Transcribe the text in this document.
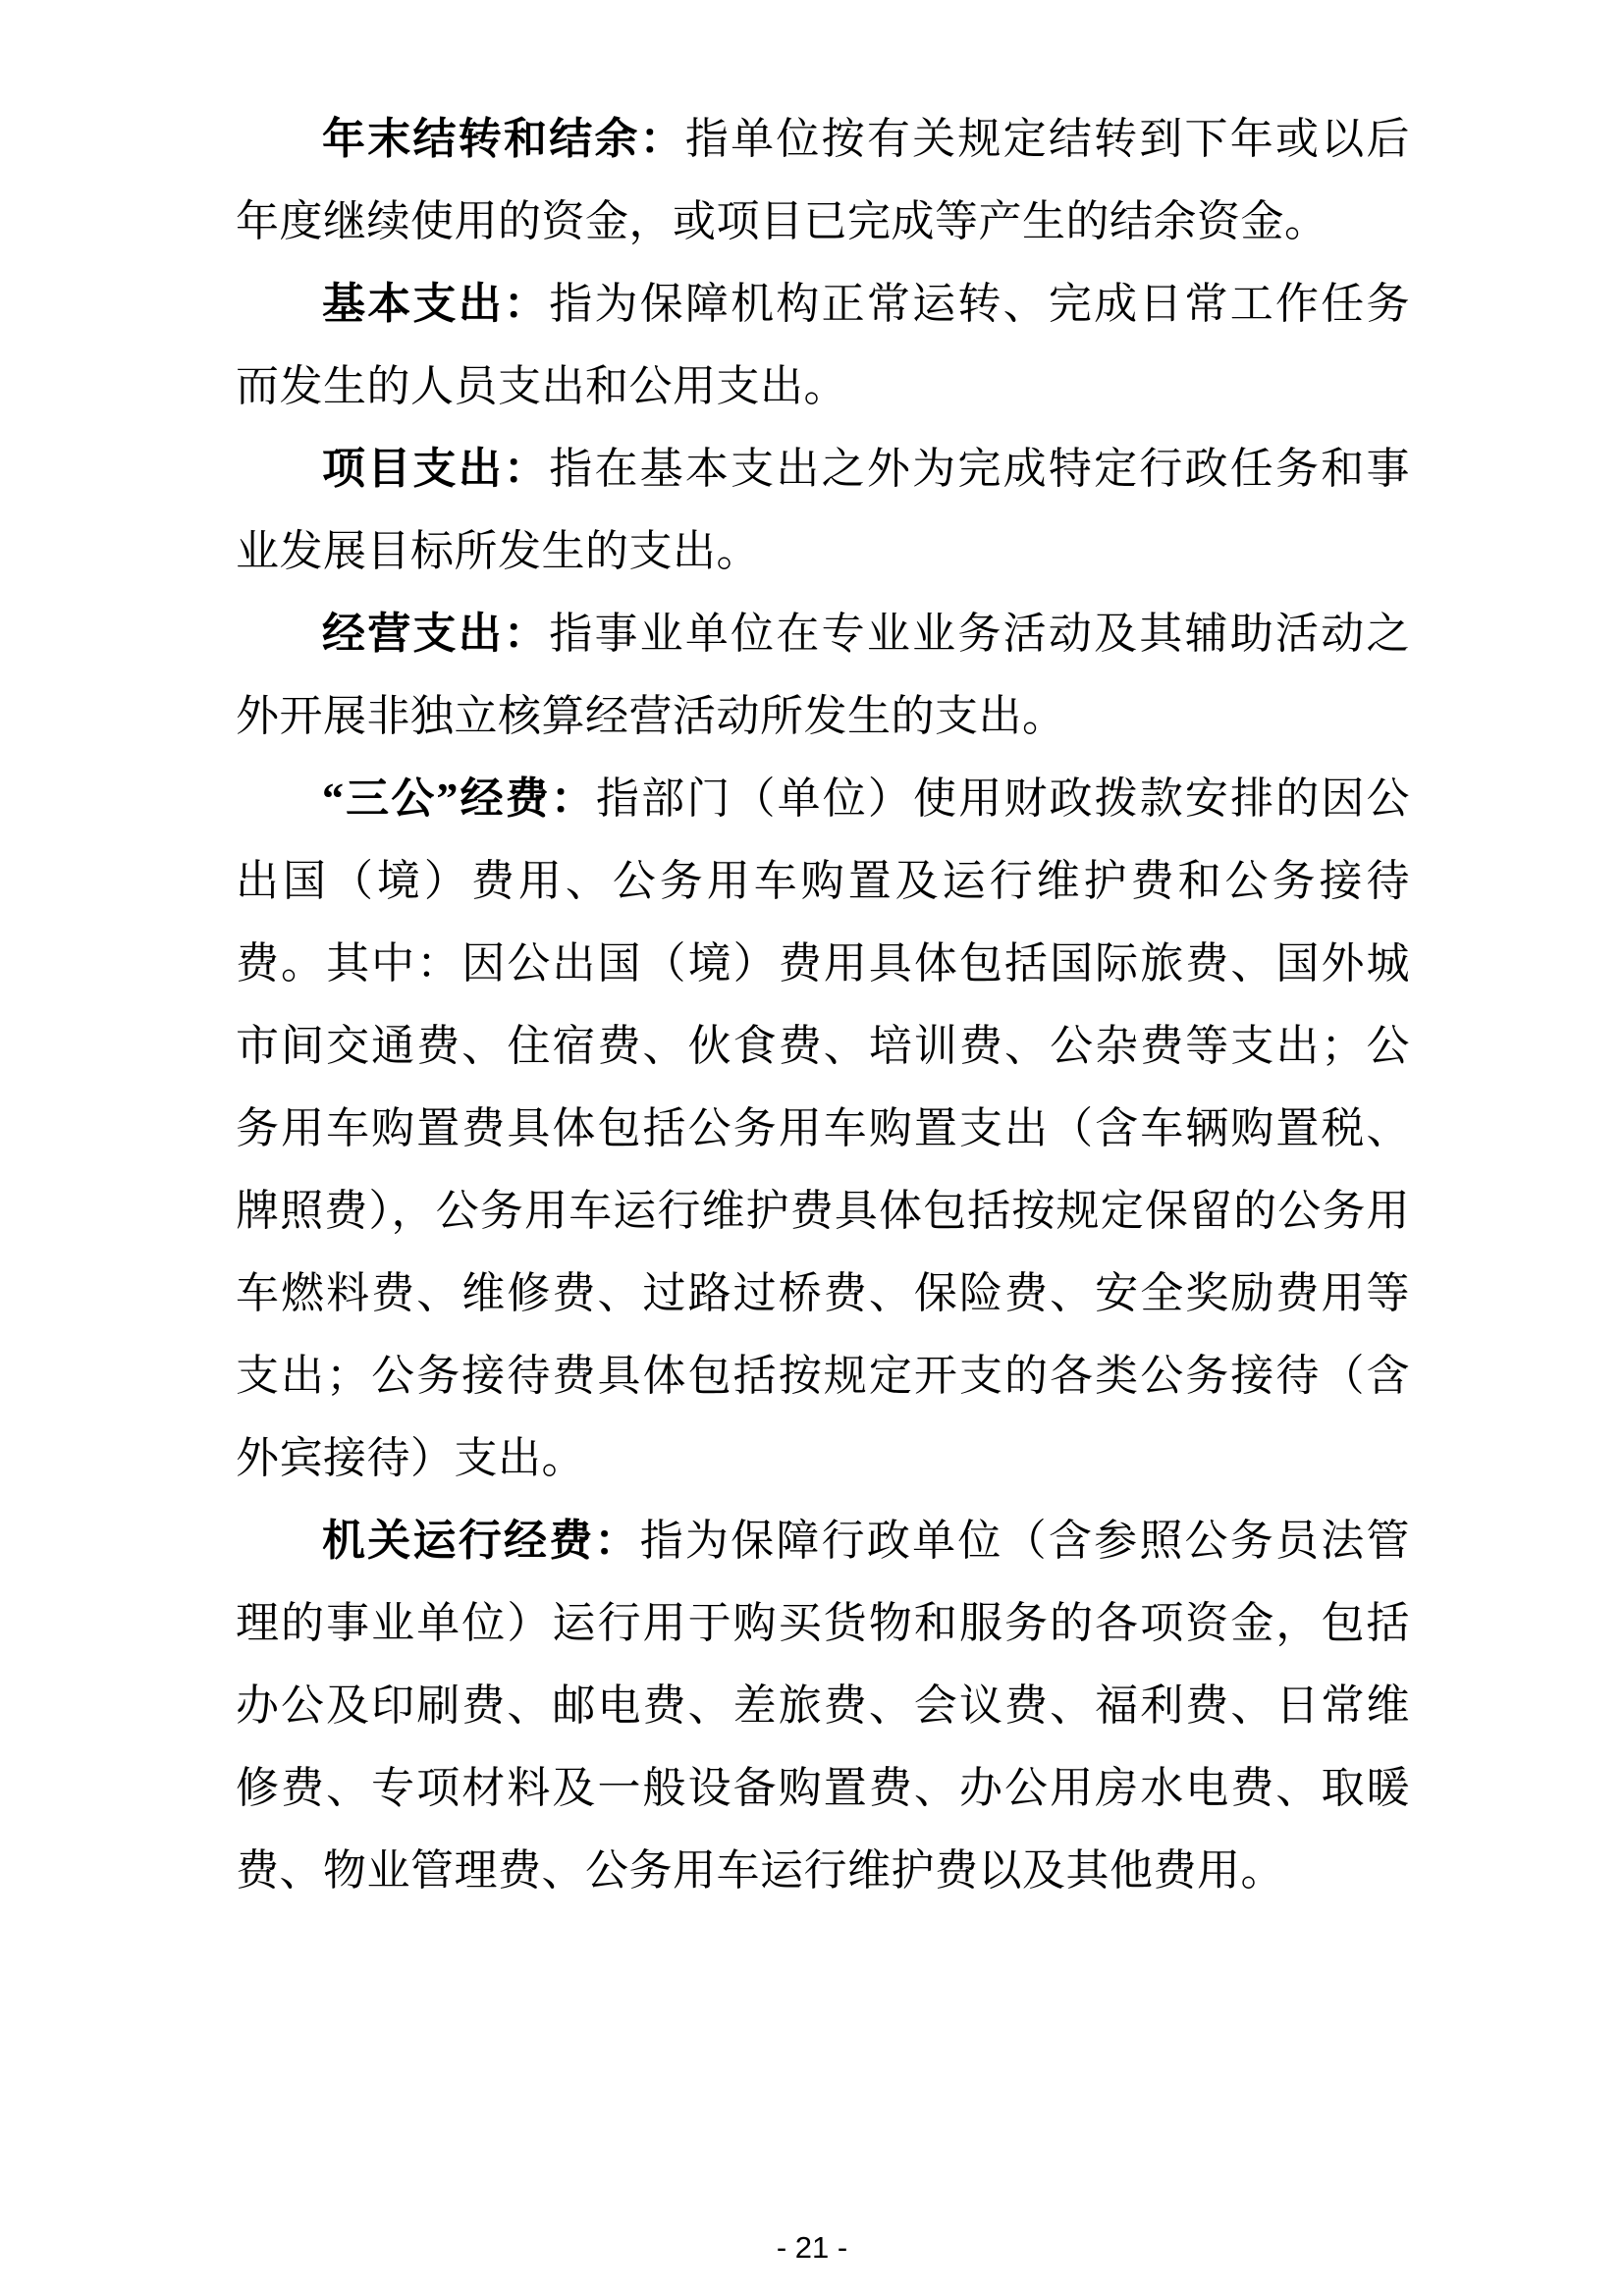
年末结转和结余：指单位按有关规定结转到下年或以后年度继续使用的资金，或项目已完成等产生的结余资金。

基本支出：指为保障机构正常运转、完成日常工作任务而发生的人员支出和公用支出。

项目支出：指在基本支出之外为完成特定行政任务和事业发展目标所发生的支出。

经营支出：指事业单位在专业业务活动及其辅助活动之外开展非独立核算经营活动所发生的支出。

“三公”经费：指部门（单位）使用财政拨款安排的因公出国（境）费用、公务用车购置及运行维护费和公务接待费。其中：因公出国（境）费用具体包括国际旅费、国外城市间交通费、住宿费、伙食费、培训费、公杂费等支出；公务用车购置费具体包括公务用车购置支出（含车辆购置税、牌照费），公务用车运行维护费具体包括按规定保留的公务用车燃料费、维修费、过路过桥费、保险费、安全奖励费用等支出；公务接待费具体包括按规定开支的各类公务接待（含外宾接待）支出。

机关运行经费：指为保障行政单位（含参照公务员法管理的事业单位）运行用于购买货物和服务的各项资金，包括办公及印刷费、邮电费、差旅费、会议费、福利费、日常维修费、专项材料及一般设备购置费、办公用房水电费、取暖费、物业管理费、公务用车运行维护费以及其他费用。

- 21 -
